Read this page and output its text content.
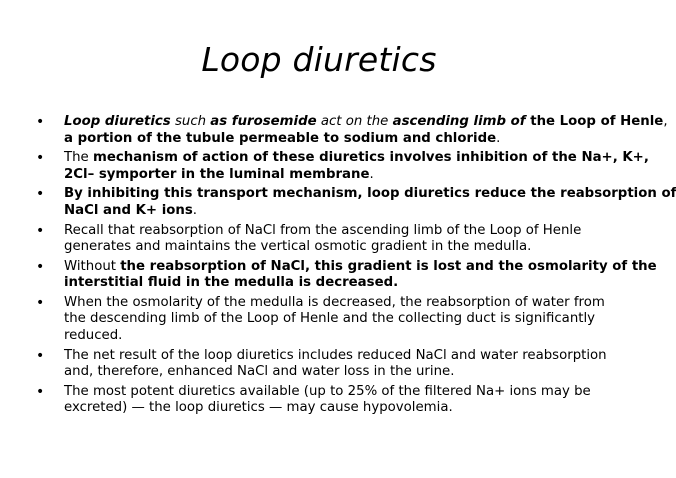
Loop diuretics
• Loop diuretics such as furosemide act on the ascending limb of the Loop of Henle,
a portion of the tubule permeable to sodium and chloride.
• The mechanism of action of these diuretics involves inhibition of the Na+, K+,
2Cl– symporter in the luminal membrane.
• By inhibiting this transport mechanism, loop diuretics reduce the reabsorption of
NaCl and K+ ions.
• Recall that reabsorption of NaCl from the ascending limb of the Loop of Henle
generates and maintains the vertical osmotic gradient in the medulla.
• Without the reabsorption of NaCl, this gradient is lost and the osmolarity of the
interstitial fluid in the medulla is decreased.
• When the osmolarity of the medulla is decreased, the reabsorption of water from
the descending limb of the Loop of Henle and the collecting duct is significantly
reduced.
• The net result of the loop diuretics includes reduced NaCl and water reabsorption
and, therefore, enhanced NaCl and water loss in the urine.
• The most potent diuretics available (up to 25% of the filtered Na+ ions may be
excreted) — the loop diuretics — may cause hypovolemia.
